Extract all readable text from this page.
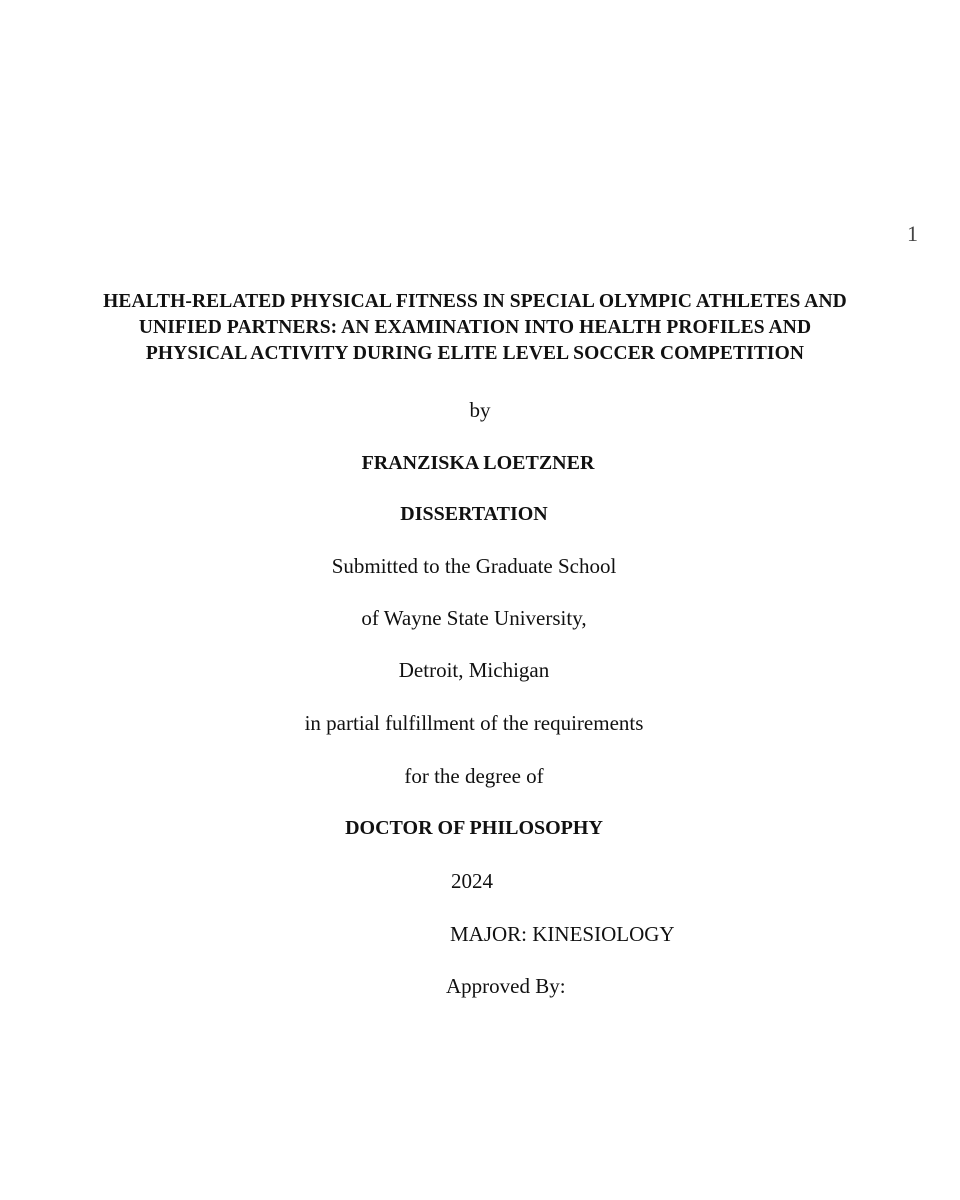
1
HEALTH-RELATED PHYSICAL FITNESS IN SPECIAL OLYMPIC ATHLETES AND
UNIFIED PARTNERS: AN EXAMINATION INTO HEALTH PROFILES AND
PHYSICAL ACTIVITY DURING ELITE LEVEL SOCCER COMPETITION
by
FRANZISKA LOETZNER
DISSERTATION
Submitted to the Graduate School
of Wayne State University,
Detroit, Michigan
in partial fulfillment of the requirements
for the degree of
DOCTOR OF PHILOSOPHY
2024
MAJOR: KINESIOLOGY
Approved By:
